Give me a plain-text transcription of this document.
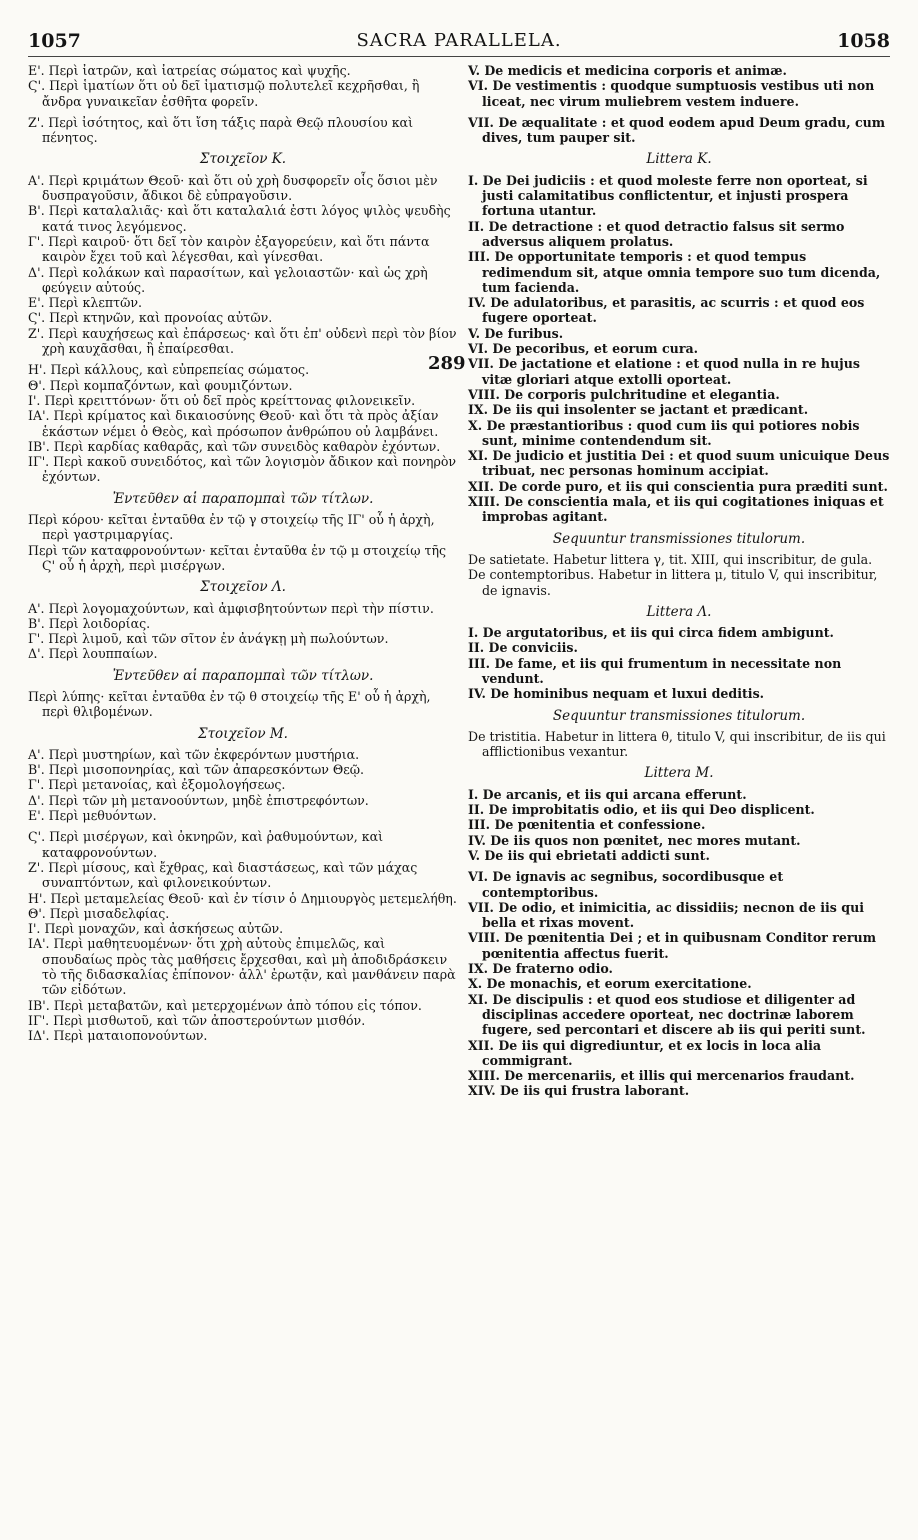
1057	SACRA PARALLELA.	1058

Ε'. Περὶ ἰατρῶν, καὶ ἰατρείας σώματος καὶ ψυχῆς.

Ϛ'. Περὶ ἱματίων ὅτι οὐ δεῖ ἱματισμῷ πολυτελεῖ κεχρῆσθαι, ἢ ἄνδρα γυναικεῖαν ἐσθῆτα φορεῖν.

Ζ'. Περὶ ἰσότητος, καὶ ὅτι ἴση τάξις παρὰ Θεῷ πλουσίου καὶ πένητος.

Στοιχεῖον Κ.

Α'. Περὶ κριμάτων Θεοῦ· καὶ ὅτι οὐ χρὴ δυσφορεῖν οἷς ὅσιοι μὲν δυσπραγοῦσιν, ἄδικοι δὲ εὐπραγοῦσιν.

Β'. Περὶ καταλαλιᾶς· καὶ ὅτι καταλαλιά ἐστι λόγος ψιλὸς ψευδὴς κατά τινος λεγόμενος.

Γ'. Περὶ καιροῦ· ὅτι δεῖ τὸν καιρὸν ἐξαγορεύειν, καὶ ὅτι πάντα καιρὸν ἔχει τοῦ καὶ λέγεσθαι, καὶ γίνεσθαι.

Δ'. Περὶ κολάκων καὶ παρασίτων, καὶ γελοιαστῶν· καὶ ὡς χρὴ φεύγειν αὐτούς.

Ε'. Περὶ κλεπτῶν.

Ϛ'. Περὶ κτηνῶν, καὶ προνοίας αὐτῶν.

Ζ'. Περὶ καυχήσεως καὶ ἐπάρσεως· καὶ ὅτι ἐπ' οὐδενὶ περὶ τὸν βίον χρὴ καυχᾶσθαι, ἢ ἐπαίρεσθαι.

Η'. Περὶ κάλλους, καὶ εὐπρεπείας σώματος.

Θ'. Περὶ κομπαζόντων, καὶ φουμιζόντων.

Ι'. Περὶ κρειττόνων· ὅτι οὐ δεῖ πρὸς κρείττονας φιλονεικεῖν.

ΙΑ'. Περὶ κρίματος καὶ δικαιοσύνης Θεοῦ· καὶ ὅτι τὰ πρὸς ἀξίαν ἑκάστων νέμει ὁ Θεὸς, καὶ πρόσωπον ἀνθρώπου οὐ λαμβάνει.

ΙΒ'. Περὶ καρδίας καθαρᾶς, καὶ τῶν συνειδὸς καθαρὸν ἐχόντων.

ΙΓ'. Περὶ κακοῦ συνειδότος, καὶ τῶν λογισμὸν ἄδικον καὶ πονηρὸν ἐχόντων.

Ἐντεῦθεν αἱ παραπομπαὶ τῶν τίτλων.

Περὶ κόρου· κεῖται ἐνταῦθα ἐν τῷ γ στοιχείῳ τῆς ΙΓ' οὗ ἡ ἀρχὴ, περὶ γαστριμαργίας.

Περὶ τῶν καταφρονούντων· κεῖται ἐνταῦθα ἐν τῷ μ στοιχείῳ τῆς Ϛ' οὗ ἡ ἀρχὴ, περὶ μισέργων.

Στοιχεῖον Λ.

Α'. Περὶ λογομαχούντων, καὶ ἀμφισβητούντων περὶ τὴν πίστιν.

Β'. Περὶ λοιδορίας.

Γ'. Περὶ λιμοῦ, καὶ τῶν σῖτον ἐν ἀνάγκῃ μὴ πωλούντων.

Δ'. Περὶ λουππαίων.

Ἐντεῦθεν αἱ παραπομπαὶ τῶν τίτλων.

Περὶ λύπης· κεῖται ἐνταῦθα ἐν τῷ θ στοιχείῳ τῆς Ε' οὗ ἡ ἀρχὴ, περὶ θλιβομένων.

Στοιχεῖον Μ.

Α'. Περὶ μυστηρίων, καὶ τῶν ἐκφερόντων μυστήρια.

Β'. Περὶ μισοπονηρίας, καὶ τῶν ἀπαρεσκόντων Θεῷ.

Γ'. Περὶ μετανοίας, καὶ ἐξομολογήσεως.

Δ'. Περὶ τῶν μὴ μετανοούντων, μηδὲ ἐπιστρεφόντων.

Ε'. Περὶ μεθυόντων.

Ϛ'. Περὶ μισέργων, καὶ ὀκνηρῶν, καὶ ῥαθυμούντων, καὶ καταφρονούντων.

Ζ'. Περὶ μίσους, καὶ ἔχθρας, καὶ διαστάσεως, καὶ τῶν μάχας συναπτόντων, καὶ φιλονεικούντων.

Η'. Περὶ μεταμελείας Θεοῦ· καὶ ἐν τίσιν ὁ Δημιουργὸς μετεμελήθη.

Θ'. Περὶ μισαδελφίας.

Ι'. Περὶ μοναχῶν, καὶ ἀσκήσεως αὐτῶν.

ΙΑ'. Περὶ μαθητευομένων· ὅτι χρὴ αὐτοὺς ἐπιμελῶς, καὶ σπουδαίως πρὸς τὰς μαθήσεις ἔρχεσθαι, καὶ μὴ ἀποδιδράσκειν τὸ τῆς διδασκαλίας ἐπίπονον· ἀλλ' ἐρωτᾷν, καὶ μανθάνειν παρὰ τῶν εἰδότων.

ΙΒ'. Περὶ μεταβατῶν, καὶ μετερχομένων ἀπὸ τόπου εἰς τόπον.

ΙΓ'. Περὶ μισθωτοῦ, καὶ τῶν ἀποστερούντων μισθόν.

ΙΔ'. Περὶ ματαιοπονούντων.

V. De medicis et medicina corporis et animæ.

VI. De vestimentis : quodque sumptuosis vestibus uti non liceat, nec virum muliebrem vestem induere.

VII. De æqualitate : et quod eodem apud Deum gradu, cum dives, tum pauper sit.

Littera K.

I. De Dei judiciis : et quod moleste ferre non oporteat, si justi calamitatibus conflictentur, et injusti prospera fortuna utantur.

II. De detractione : et quod detractio falsus sit sermo adversus aliquem prolatus.

III. De opportunitate temporis : et quod tempus redimendum sit, atque omnia tempore suo tum dicenda, tum facienda.

IV. De adulatoribus, et parasitis, ac scurris : et quod eos fugere oporteat.

V. De furibus.

VI. De pecoribus, et eorum cura.

289 VII. De jactatione et elatione : et quod nulla in re hujus vitæ gloriari atque extolli oporteat.

VIII. De corporis pulchritudine et elegantia.

IX. De iis qui insolenter se jactant et prædicant.

X. De præstantioribus : quod cum iis qui potiores nobis sunt, minime contendendum sit.

XI. De judicio et justitia Dei : et quod suum unicuique Deus tribuat, nec personas hominum accipiat.

XII. De corde puro, et iis qui conscientia pura præditi sunt.

XIII. De conscientia mala, et iis qui cogitationes iniquas et improbas agitant.

Sequuntur transmissiones titulorum.

De satietate. Habetur littera γ, tit. XIII, qui inscribitur, de gula.

De contemptoribus. Habetur in littera μ, titulo V, qui inscribitur, de ignavis.

Littera Λ.

I. De argutatoribus, et iis qui circa fidem ambigunt.

II. De conviciis.

III. De fame, et iis qui frumentum in necessitate non vendunt.

IV. De hominibus nequam et luxui deditis.

Sequuntur transmissiones titulorum.

De tristitia. Habetur in littera θ, titulo V, qui inscribitur, de iis qui afflictionibus vexantur.

Littera M.

I. De arcanis, et iis qui arcana efferunt.

II. De improbitatis odio, et iis qui Deo displicent.

III. De pœnitentia et confessione.

IV. De iis quos non pœnitet, nec mores mutant.

V. De iis qui ebrietati addicti sunt.

VI. De ignavis ac segnibus, socordibusque et contemptoribus.

VII. De odio, et inimicitia, ac dissidiis; necnon de iis qui bella et rixas movent.

VIII. De pœnitentia Dei ; et in quibusnam Conditor rerum pœnitentia affectus fuerit.

IX. De fraterno odio.

X. De monachis, et eorum exercitatione.

XI. De discipulis : et quod eos studiose et diligenter ad disciplinas accedere oporteat, nec doctrinæ laborem fugere, sed percontari et discere ab iis qui periti sunt.

XII. De iis qui digrediuntur, et ex locis in loca alia commigrant.

XIII. De mercenariis, et illis qui mercenarios fraudant.

XIV. De iis qui frustra laborant.
